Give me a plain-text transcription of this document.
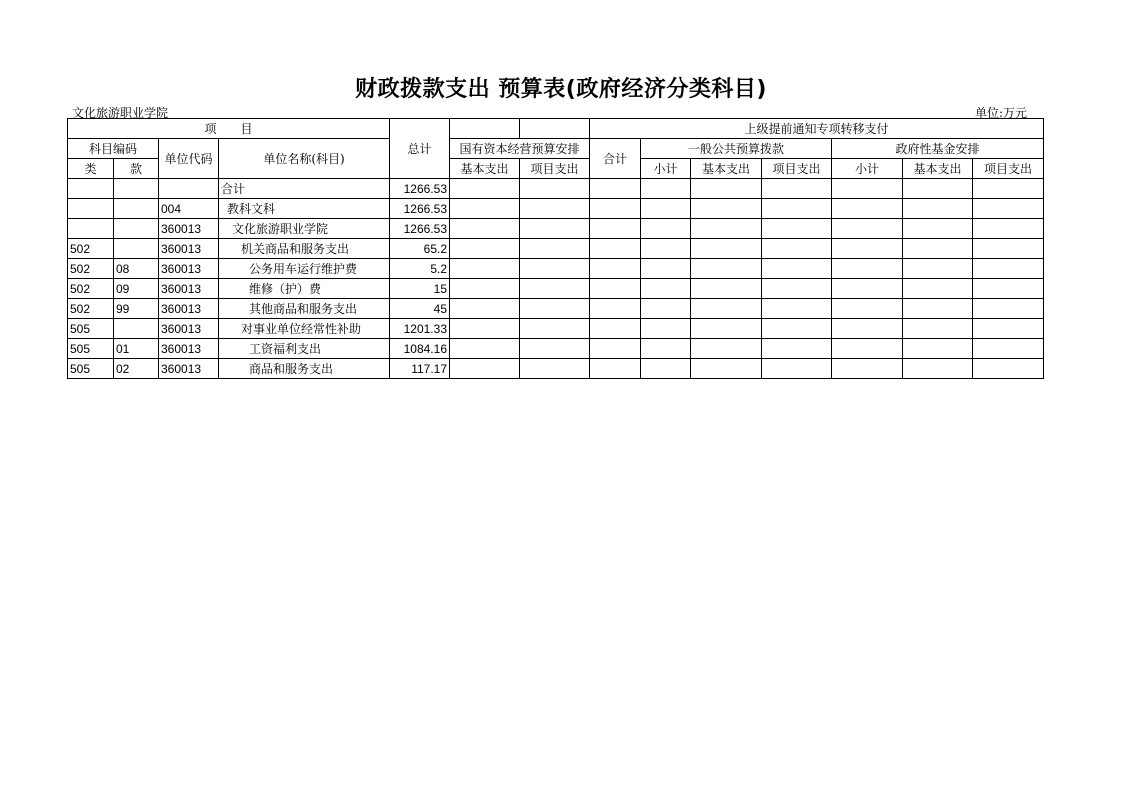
财政拨款支出 预算表(政府经济分类科目)
文化旅游职业学院	单位:万元
项　　目				总计			上级提前通知专项转移支付						
科目编码		单位代码	单位名称(科目)		国有资本经营预算安排		合计	一般公共预算拨款			政府性基金安排		
类	款				基本支出	项目支出		小计	基本支出	项目支出	小计	基本支出	项目支出
			合计	1266.53									
		004	教科文科	1266.53									
		360013	文化旅游职业学院	1266.53									
502		360013	机关商品和服务支出	65.2									
502	08	360013	公务用车运行维护费	5.2									
502	09	360013	维修（护）费	15									
502	99	360013	其他商品和服务支出	45									
505		360013	对事业单位经常性补助	1201.33									
505	01	360013	工资福利支出	1084.16									
505	02	360013	商品和服务支出	117.17									
